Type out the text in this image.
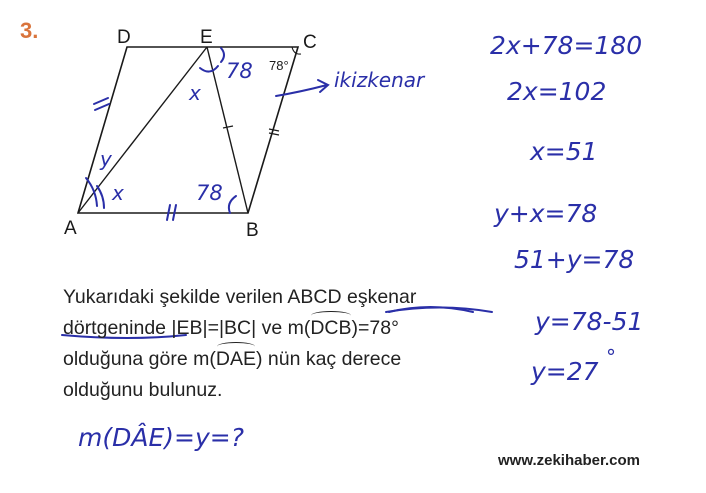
3.	D	E	C
A	B
78°
x
78	ikizkenar
y
x	78
2x+78=180
2x=102
x=51
y+x=78
51+y=78
y=78-51
y=27 °
m(DÂE)=y=?
Yukarıdaki şekilde verilen ABCD eşkenar
dörtgeninde |EB|=|BC| ve m(DCB)=78°
olduğuna göre m(DAE) nün kaç derece
olduğunu bulunuz.
www.zekihaber.com
